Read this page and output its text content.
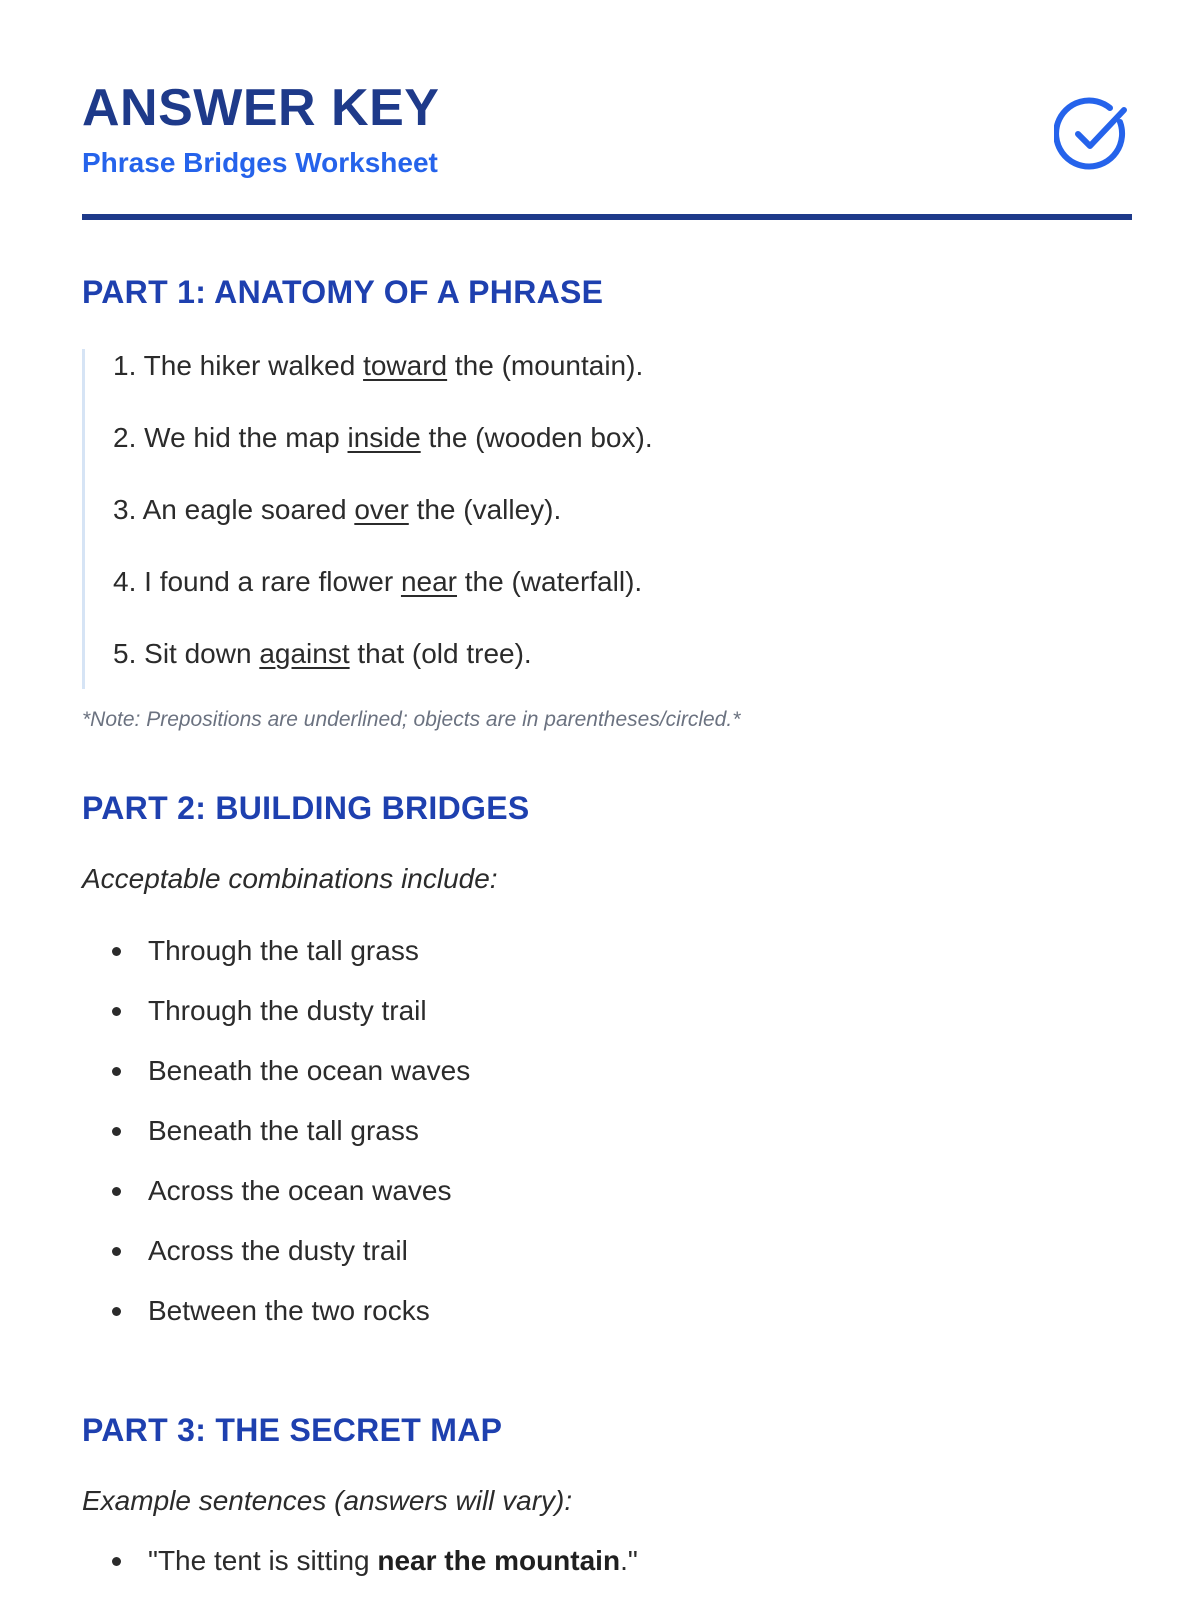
ANSWER KEY
Phrase Bridges Worksheet
PART 1: ANATOMY OF A PHRASE
1. The hiker walked toward the (mountain).
2. We hid the map inside the (wooden box).
3. An eagle soared over the (valley).
4. I found a rare flower near the (waterfall).
5. Sit down against that (old tree).
*Note: Prepositions are underlined; objects are in parentheses/circled.*
PART 2: BUILDING BRIDGES
Acceptable combinations include:
Through the tall grass
Through the dusty trail
Beneath the ocean waves
Beneath the tall grass
Across the ocean waves
Across the dusty trail
Between the two rocks
PART 3: THE SECRET MAP
Example sentences (answers will vary):
"The tent is sitting near the mountain."
